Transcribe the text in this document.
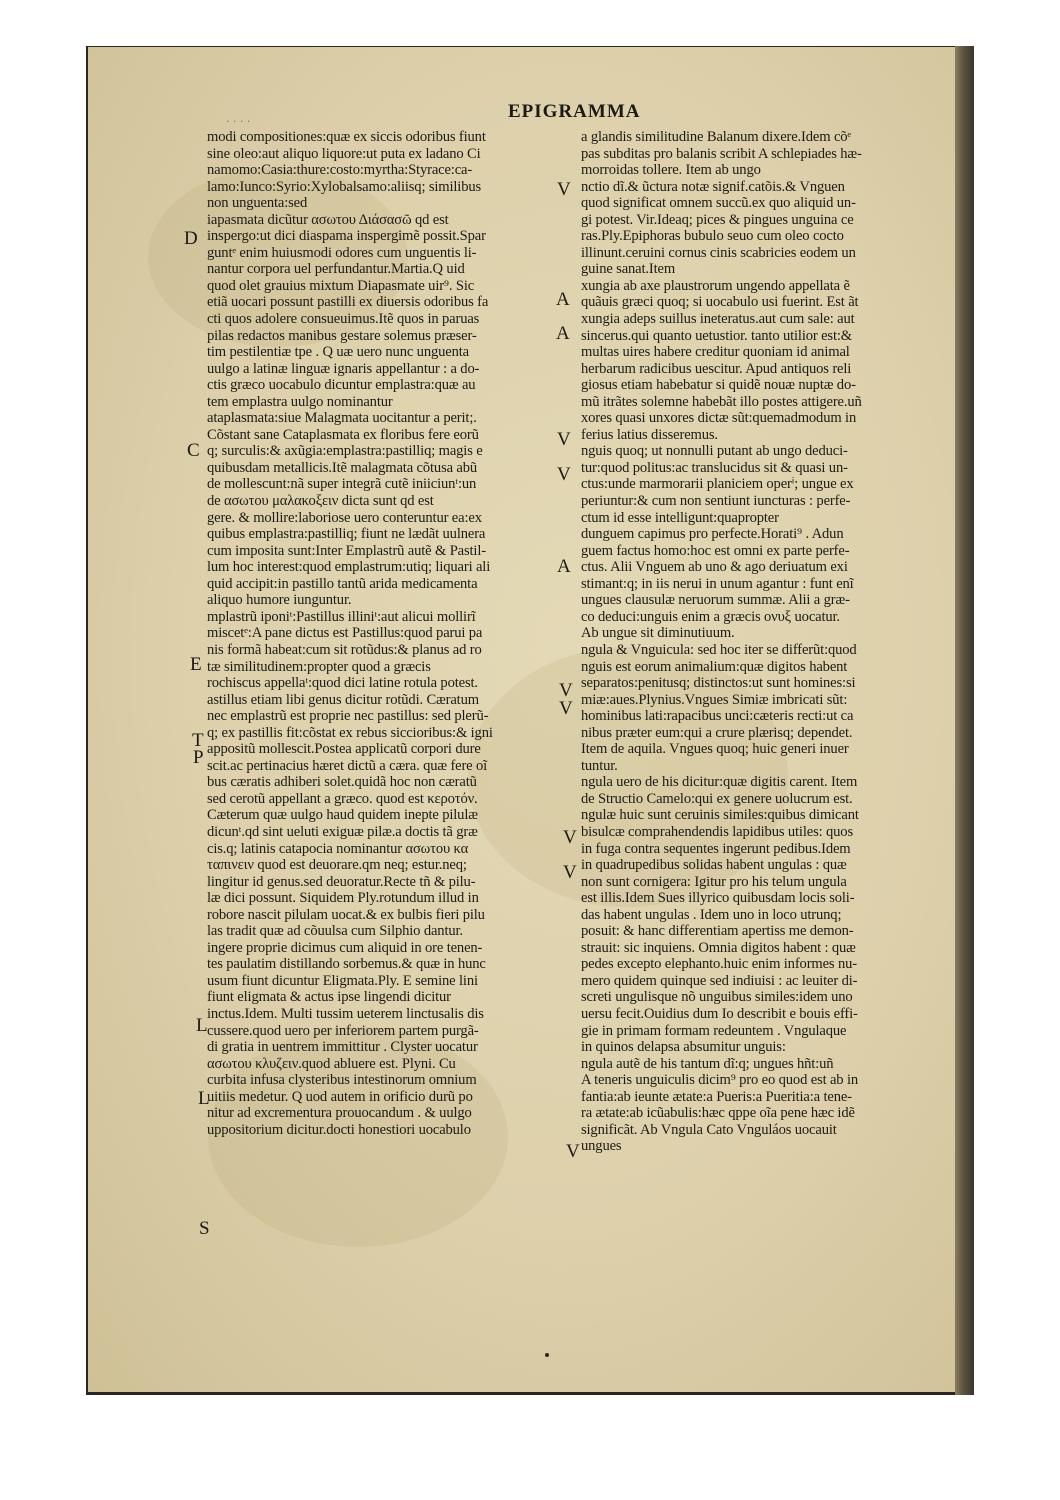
· · · ·	EPIGRAMMA
D
C
E
T
P
L
L
S
V
A
A
V
V
A
V
V
V
V
V
modi compositiones:quæ ex siccis odoribus fiunt
sine oleo:aut aliquo liquore:ut puta ex ladano Ci
namomo:Casia:thure:costo:myrtha:Styrace:ca-
lamo:Iunco:Syrio:Xylobalsamo:aliisq; similibus
non unguenta:sed
iapasmata dicũtur ασωτου Διάσασῶ qd est
inspergo:ut dici diaspama inspergimẽ possit.Spar
guntᵉ enim huiusmodi odores cum unguentis li-
nantur corpora uel perfundantur.Martia.Q uid
quod olet grauius mixtum Diapasmate uir⁹. Sic
etiã uocari possunt pastilli ex diuersis odoribus fa
cti quos adolere consueuimus.Itẽ quos in paruas
pilas redactos manibus gestare solemus præser-
tim pestilentiæ tpe . Q uæ uero nunc unguenta
uulgo a latinæ linguæ ignaris appellantur : a do-
ctis græco uocabulo dicuntur emplastra:quæ au
tem emplastra uulgo nominantur
ataplasmata:siue Malagmata uocitantur a perit;.
Cõstant sane Cataplasmata ex floribus fere eorũ
q; surculis:& axũgia:emplastra:pastilliq; magis e
quibusdam metallicis.Itẽ malagmata cõtusa abũ
de mollescunt:nã super integrã cutẽ iniiciunᵗ:un
de ασωτου μαλακοξειν dicta sunt qd est
gere. & mollire:laboriose uero conteruntur ea:ex
quibus emplastra:pastilliq; fiunt ne lædãt uulnera
cum imposita sunt:Inter Emplastrũ autẽ & Pastil-
lum hoc interest:quod emplastrum:utiq; liquari ali
quid accipit:in pastillo tantũ arida medicamenta
aliquo humore iunguntur.
mplastrũ iponiᵗ:Pastillus illiniᵗ:aut alicui mollirĩ
miscetᵉ:A pane dictus est Pastillus:quod parui pa
nis formã habeat:cum sit rotũdus:& planus ad ro
tæ similitudinem:propter quod a græcis
rochiscus appellaᵗ:quod dici latine rotula potest.
astillus etiam libi genus dicitur rotũdi. Cæratum
nec emplastrũ est proprie nec pastillus: sed plerũ-
q; ex pastillis fit:cõstat ex rebus siccioribus:& igni
appositũ mollescit.Postea applicatũ corpori dure
scit.ac pertinacius hæret dictũ a cæra. quæ fere oĩ
bus cæratis adhiberi solet.quidã hoc non cæratũ
sed cerotũ appellant a græco. quod est κεροτόν.
Cæterum quæ uulgo haud quidem inepte pilulæ
dicunᵗ.qd sint ueluti exiguæ pilæ.a doctis tã græ
cis.q; latinis catapocia nominantur ασωτου κα
ταπινειν quod est deuorare.qm neq; estur.neq;
lingitur id genus.sed deuoratur.Recte tñ & pilu-
læ dici possunt. Siquidem Ply.rotundum illud in
robore nascit pilulam uocat.& ex bulbis fieri pilu
las tradit quæ ad cõuulsa cum Silphio dantur.
ingere proprie dicimus cum aliquid in ore tenen-
tes paulatim distillando sorbemus.& quæ in hunc
usum fiunt dicuntur Eligmata.Ply. E semine lini
fiunt eligmata & actus ipse lingendi dicitur
inctus.Idem. Multi tussim ueterem linctusalis dis
cussere.quod uero per inferiorem partem purgã-
di gratia in uentrem immittitur . Clyster uocatur
ασωτου κλυζειν.quod abluere est. Plyni. Cu
curbita infusa clysteribus intestinorum omnium
uitiis medetur. Q uod autem in orificio durũ po
nitur ad excrementura prouocandum . & uulgo
uppositorium dicitur.docti honestiori uocabulo
a glandis similitudine Balanum dixere.Idem cõᵉ
pas subditas pro balanis scribit A schlepiades hæ-
morroidas tollere. Item ab ungo
nctio dĩ.& ũctura notæ signif.catõis.& Vnguen
quod significat omnem succũ.ex quo aliquid un-
gi potest. Vir.Ideaq; pices & pingues unguina ce
ras.Ply.Epiphoras bubulo seuo cum oleo cocto
illinunt.ceruini cornus cinis scabricies eodem un
guine sanat.Item
xungia ab axe plaustrorum ungendo appellata ẽ
quãuis græci quoq; si uocabulo usi fuerint. Est ãt
xungia adeps suillus ineteratus.aut cum sale: aut
sincerus.qui quanto uetustior. tanto utilior est:&
multas uires habere creditur quoniam id animal
herbarum radicibus uescitur. Apud antiquos reli
giosus etiam habebatur si quidẽ nouæ nuptæ do-
mũ itrãtes solemne habebãt illo postes attigere.uñ
xores quasi unxores dictæ sũt:quemadmodum in
ferius latius disseremus.
nguis quoq; ut nonnulli putant ab ungo deduci-
tur:quod politus:ac translucidus sit & quasi un-
ctus:unde marmorarii planiciem operⁱ; ungue ex
periuntur:& cum non sentiunt iuncturas : perfe-
ctum id esse intelligunt:quapropter
dunguem capimus pro perfecte.Horati⁹ . Adun
guem factus homo:hoc est omni ex parte perfe-
ctus. Alii Vnguem ab uno & ago deriuatum exi
stimant:q; in iis nerui in unum agantur : funt enĩ
ungues clausulæ neruorum summæ. Alii a græ-
co deduci:unguis enim a græcis ονυξ uocatur.
Ab ungue sit diminutiuum.
ngula & Vnguicula: sed hoc iter se differũt:quod
nguis est eorum animalium:quæ digitos habent
separatos:penitusq; distinctos:ut sunt homines:si
miæ:aues.Plynius.Vngues Simiæ imbricati sũt:
hominibus lati:rapacibus unci:cæteris recti:ut ca
nibus præter eum:qui a crure plærisq; dependet.
Item de aquila. Vngues quoq; huic generi inuer
tuntur.
ngula uero de his dicitur:quæ digitis carent. Item
de Structio Camelo:qui ex genere uolucrum est.
ngulæ huic sunt ceruinis similes:quibus dimicant
bisulcæ comprahendendis lapidibus utiles: quos
in fuga contra sequentes ingerunt pedibus.Idem
in quadrupedibus solidas habent ungulas : quæ
non sunt cornigera: Igitur pro his telum ungula
est illis.Idem Sues illyrico quibusdam locis soli-
das habent ungulas . Idem uno in loco utrunq;
posuit: & hanc differentiam apertiss me demon-
strauit: sic inquiens. Omnia digitos habent : quæ
pedes excepto elephanto.huic enim informes nu-
mero quidem quinque sed indiuisi : ac leuiter di-
screti ungulisque nõ unguibus similes:idem uno
uersu fecit.Ouidius dum Io describit e bouis effi-
gie in primam formam redeuntem . Vngulaque
in quinos delapsa absumitur unguis:
ngula autẽ de his tantum dĩ:q; ungues hñt:uñ
A teneris unguiculis dicim⁹ pro eo quod est ab in
fantia:ab ieunte ætate:a Pueris:a Pueritia:a tene-
ra ætate:ab icũabulis:hæc qppe oĩa pene hæc idẽ
significãt. Ab Vngula Cato Vnguláos uocauit
ungues
